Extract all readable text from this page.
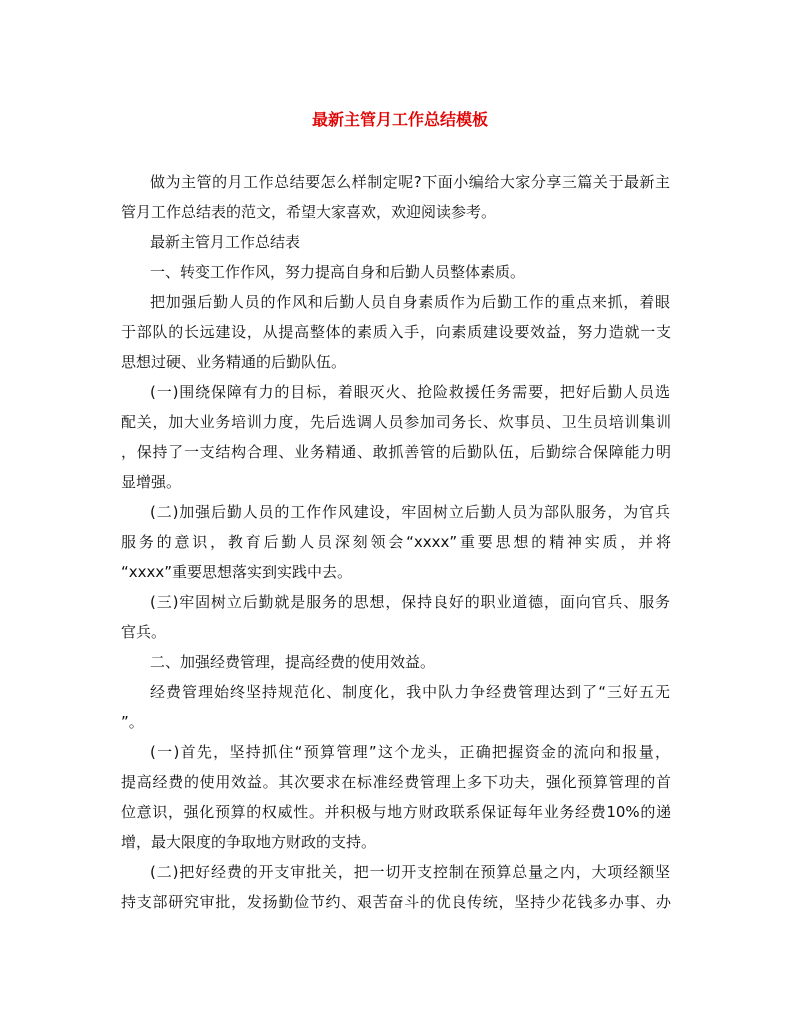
最新主管月工作总结模板

做为主管的月工作总结要怎么样制定呢?下面小编给大家分享三篇关于最新主

管月工作总结表的范文，希望大家喜欢，欢迎阅读参考。

最新主管月工作总结表

一、转变工作作风，努力提高自身和后勤人员整体素质。

把加强后勤人员的作风和后勤人员自身素质作为后勤工作的重点来抓，着眼

于部队的长远建设，从提高整体的素质入手，向素质建设要效益，努力造就一支

思想过硬、业务精通的后勤队伍。

(一)围绕保障有力的目标，着眼灭火、抢险救援任务需要，把好后勤人员选

配关，加大业务培训力度，先后选调人员参加司务长、炊事员、卫生员培训集训

，保持了一支结构合理、业务精通、敢抓善管的后勤队伍，后勤综合保障能力明

显增强。

(二)加强后勤人员的工作作风建设，牢固树立后勤人员为部队服务，为官兵

服务的意识，教育后勤人员深刻领会“xxxx”重要思想的精神实质，并将

“xxxx”重要思想落实到实践中去。

(三)牢固树立后勤就是服务的思想，保持良好的职业道德，面向官兵、服务

官兵。

二、加强经费管理，提高经费的使用效益。

经费管理始终坚持规范化、制度化，我中队力争经费管理达到了“三好五无

”。

(一)首先，坚持抓住“预算管理”这个龙头，正确把握资金的流向和报量，

提高经费的使用效益。其次要求在标准经费管理上多下功夫，强化预算管理的首

位意识，强化预算的权威性。并积极与地方财政联系保证每年业务经费10%的递

增，最大限度的争取地方财政的支持。

(二)把好经费的开支审批关，把一切开支控制在预算总量之内，大项经额坚

持支部研究审批，发扬勤俭节约、艰苦奋斗的优良传统，坚持少花钱多办事、办
